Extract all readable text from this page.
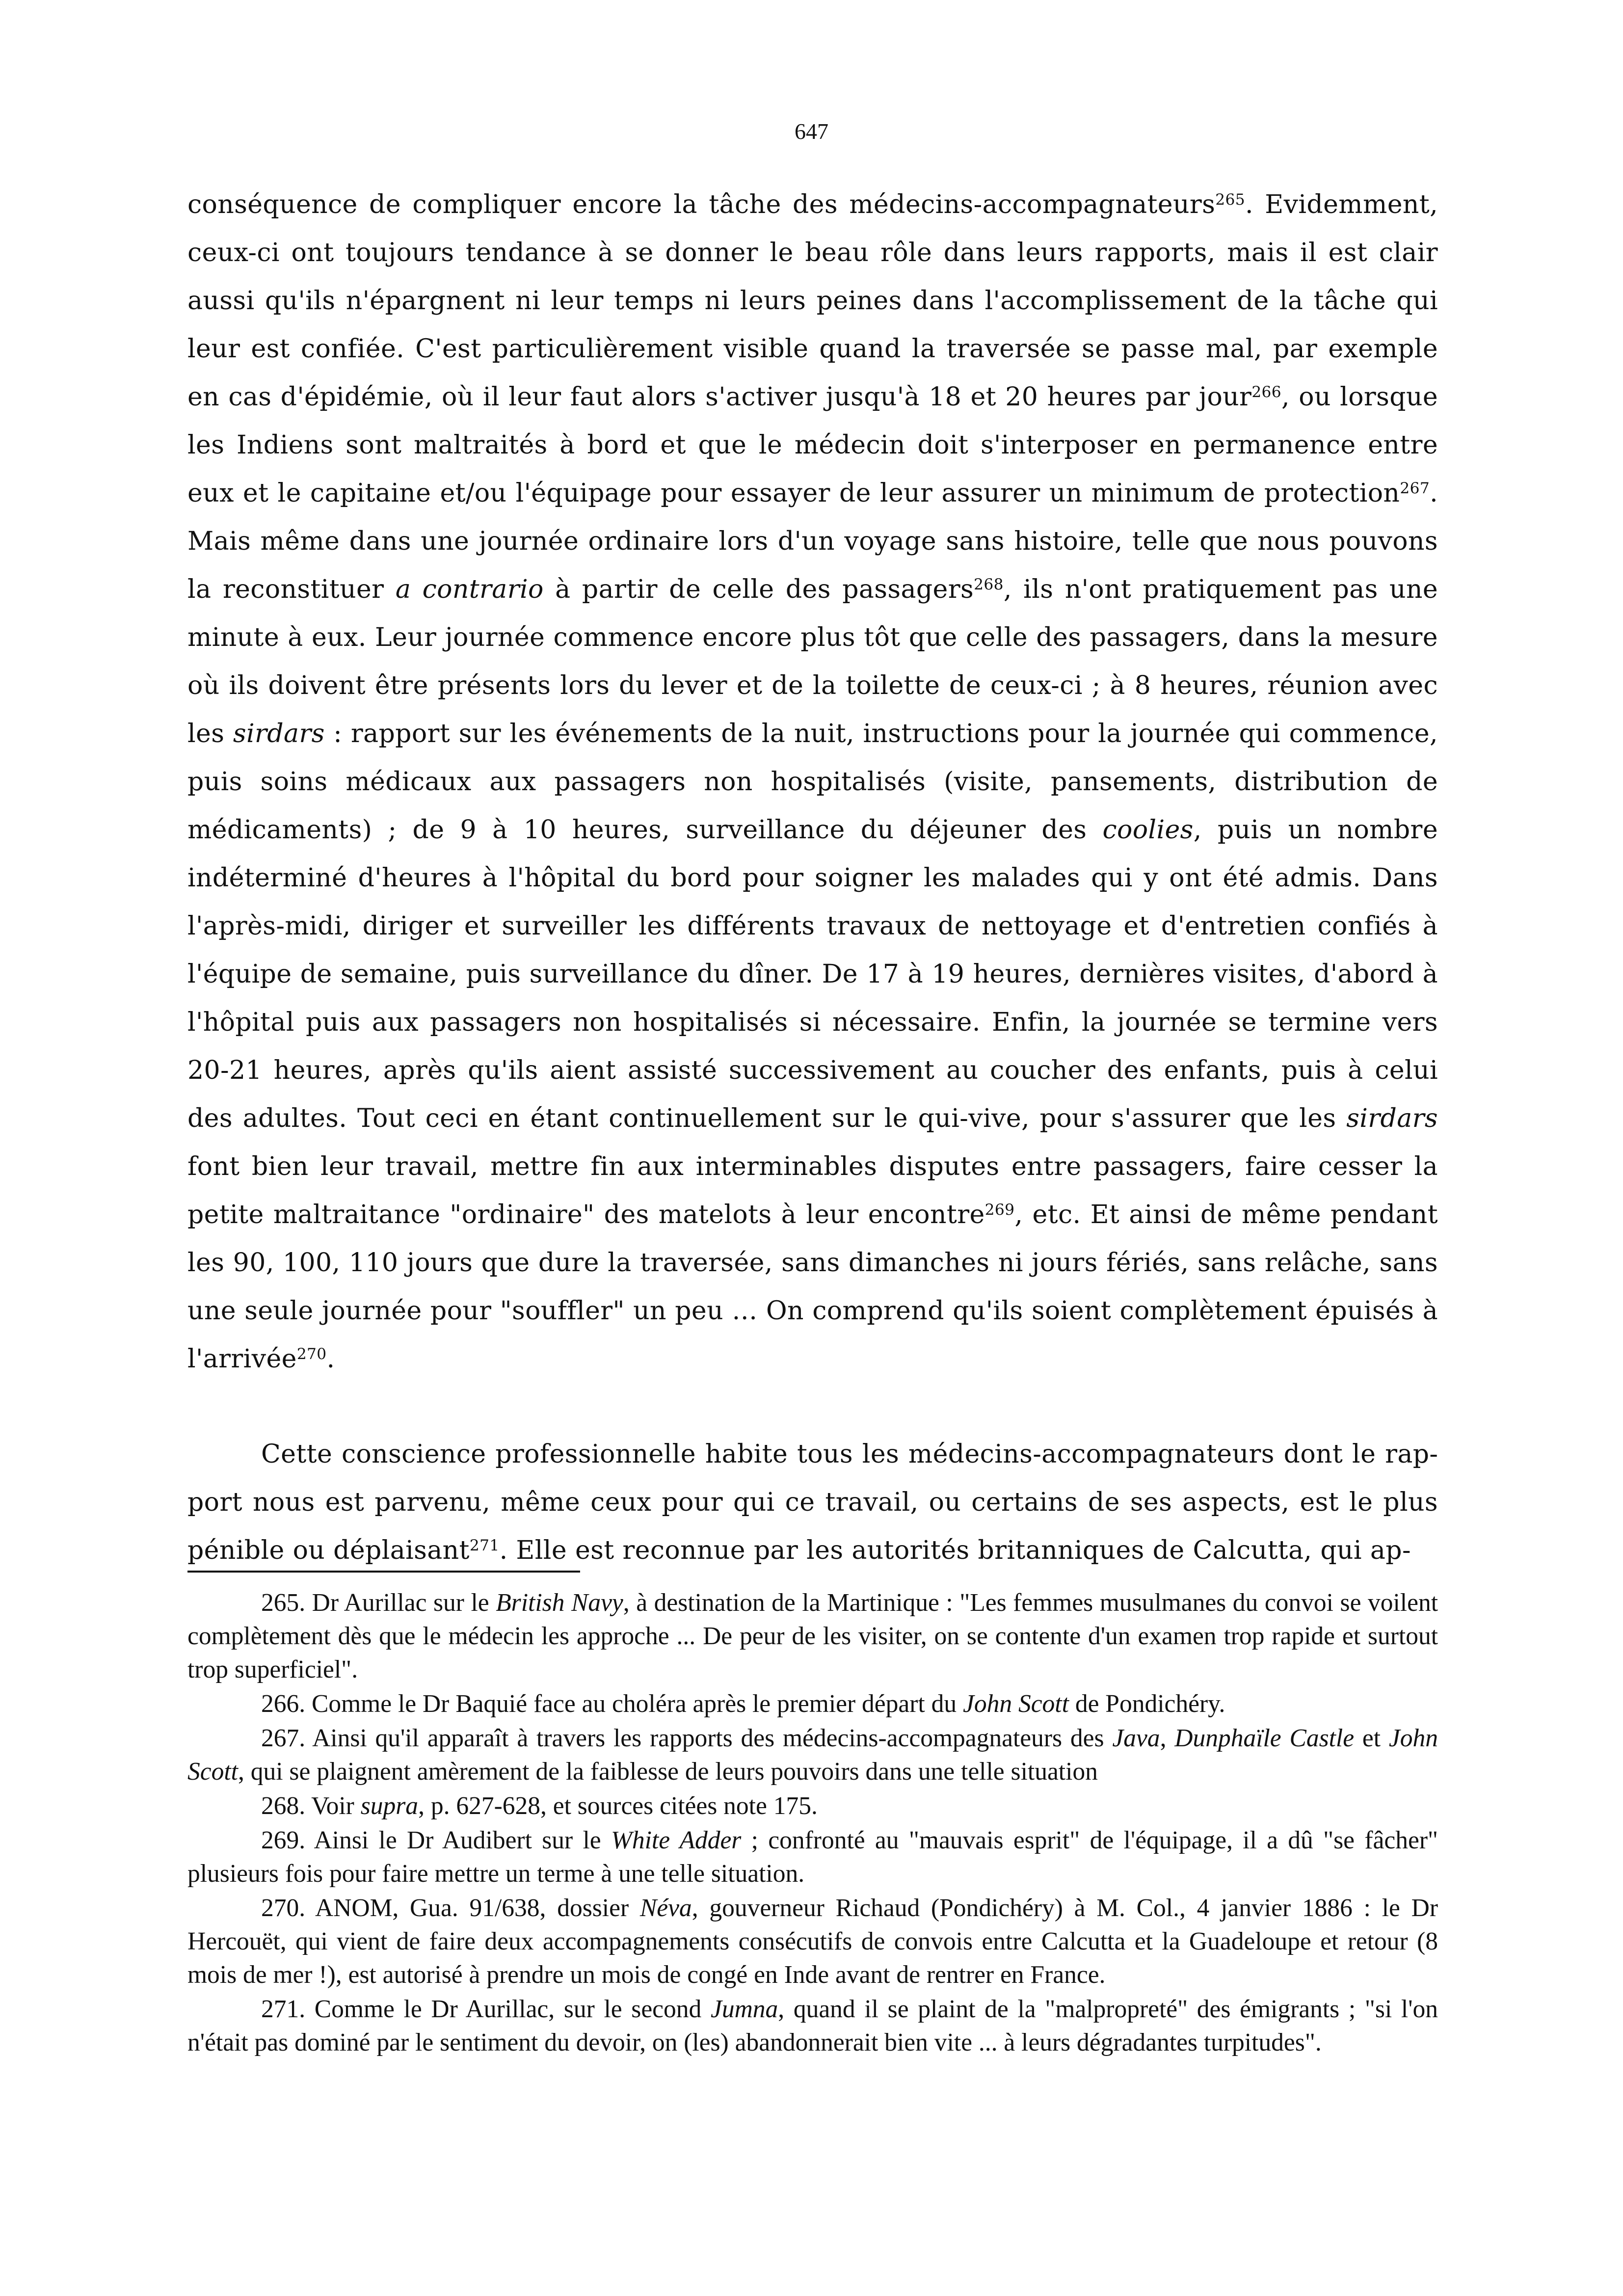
647

conséquence de compliquer encore la tâche des médecins-accompagnateurs$^{265}$. Evidemment, ceux-ci ont toujours tendance à se donner le beau rôle dans leurs rapports, mais il est clair aussi qu'ils n'épargnent ni leur temps ni leurs peines dans l'accomplissement de la tâche qui leur est confiée. C'est particulièrement visible quand la traversée se passe mal, par exemple en cas d'épidémie, où il leur faut alors s'activer jusqu'à 18 et 20 heures par jour$^{266}$, ou lorsque les Indiens sont maltraités à bord et que le médecin doit s'interposer en permanence entre eux et le capitaine et/ou l'équipage pour essayer de leur assurer un minimum de protection$^{267}$. Mais même dans une journée ordinaire lors d'un voyage sans histoire, telle que nous pouvons la reconstituer a contrario à partir de celle des passagers$^{268}$, ils n'ont pratiquement pas une minute à eux. Leur journée commence encore plus tôt que celle des passagers, dans la mesure où ils doivent être présents lors du lever et de la toilette de ceux-ci ; à 8 heures, réunion avec les sirdars : rapport sur les événements de la nuit, instructions pour la journée qui commence, puis soins médicaux aux passagers non hospitalisés (visite, pansements, distribution de médicaments) ; de 9 à 10 heures, surveillance du déjeuner des coolies, puis un nombre indéterminé d'heures à l'hôpital du bord pour soigner les malades qui y ont été admis. Dans l'après-midi, diriger et surveiller les différents travaux de nettoyage et d'entretien confiés à l'équipe de semaine, puis surveillance du dîner. De 17 à 19 heures, dernières visites, d'abord à l'hôpital puis aux passagers non hospitalisés si nécessaire. Enfin, la journée se termine vers 20-21 heures, après qu'ils aient assisté successivement au coucher des enfants, puis à celui des adultes. Tout ceci en étant continuellement sur le qui-vive, pour s'assurer que les sirdars font bien leur travail, mettre fin aux interminables disputes entre passagers, faire cesser la petite maltraitance "ordinaire" des matelots à leur encontre$^{269}$, etc. Et ainsi de même pendant les 90, 100, 110 jours que dure la traversée, sans dimanches ni jours fériés, sans relâche, sans une seule journée pour "souffler" un peu … On comprend qu'ils soient complètement épuisés à l'arrivée$^{270}$.

Cette conscience professionnelle habite tous les médecins-accompagnateurs dont le rapport nous est parvenu, même ceux pour qui ce travail, ou certains de ses aspects, est le plus pénible ou déplaisant$^{271}$. Elle est reconnue par les autorités britanniques de Calcutta, qui ap-

265. Dr Aurillac sur le British Navy, à destination de la Martinique : "Les femmes musulmanes du convoi se voilent complètement dès que le médecin les approche ... De peur de les visiter, on se contente d'un examen trop rapide et surtout trop superficiel".

266. Comme le Dr Baquié face au choléra après le premier départ du John Scott de Pondichéry.

267. Ainsi qu'il apparaît à travers les rapports des médecins-accompagnateurs des Java, Dunphaïle Castle et John Scott, qui se plaignent amèrement de la faiblesse de leurs pouvoirs dans une telle situation

268. Voir supra, p. 627-628, et sources citées note 175.

269. Ainsi le Dr Audibert sur le White Adder ; confronté au "mauvais esprit" de l'équipage, il a dû "se fâcher" plusieurs fois pour faire mettre un terme à une telle situation.

270. ANOM, Gua. 91/638, dossier Néva, gouverneur Richaud (Pondichéry) à M. Col., 4 janvier 1886 : le Dr Hercouët, qui vient de faire deux accompagnements consécutifs de convois entre Calcutta et la Guadeloupe et retour (8 mois de mer !), est autorisé à prendre un mois de congé en Inde avant de rentrer en France.

271. Comme le Dr Aurillac, sur le second Jumna, quand il se plaint de la "malpropreté" des émigrants ; "si l'on n'était pas dominé par le sentiment du devoir, on (les) abandonnerait bien vite ... à leurs dégradantes turpitudes".
